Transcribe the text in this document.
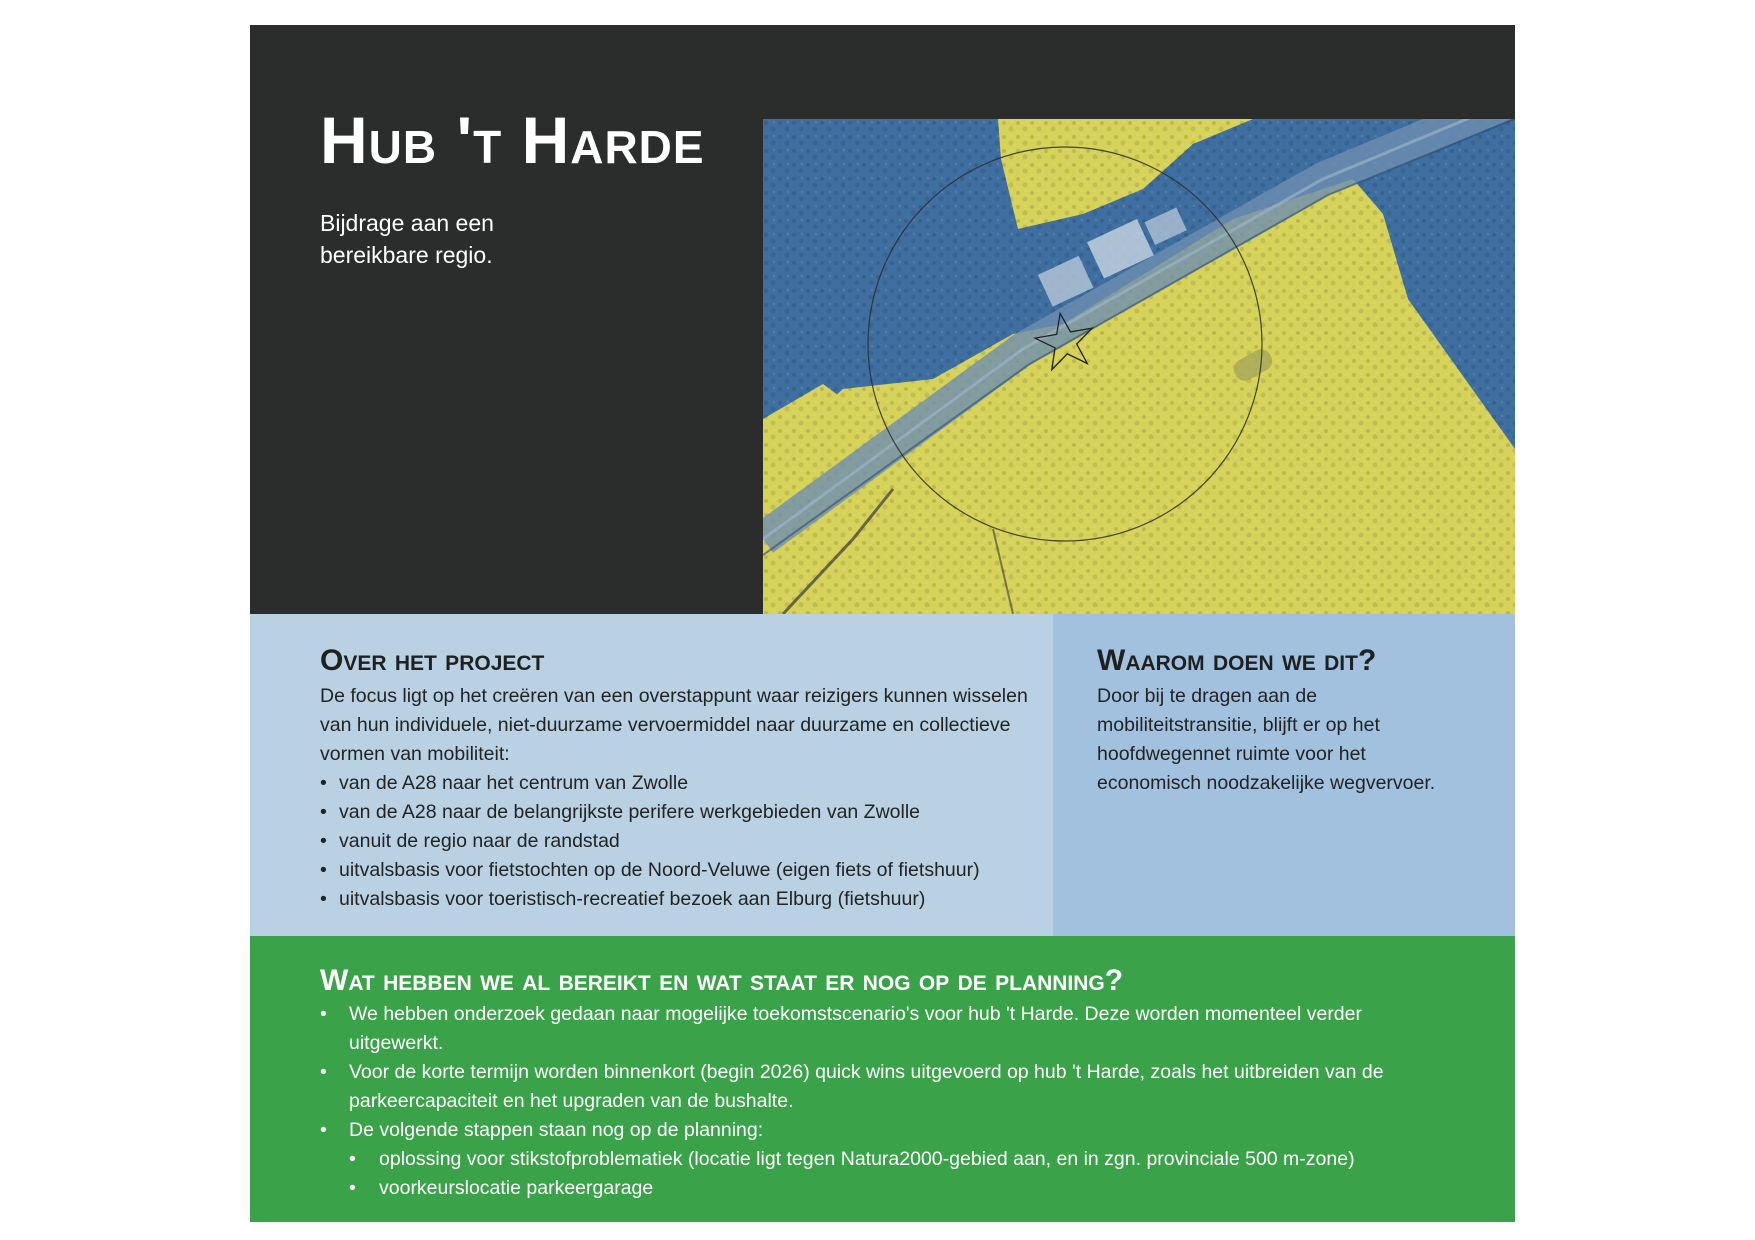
Hub 't Harde

Bijdrage aan een bereikbare regio.

Over het project

De focus ligt op het creëren van een overstappunt waar reizigers kunnen wisselen van hun individuele, niet-duurzame vervoermiddel naar duurzame en collectieve vormen van mobiliteit:

• van de A28 naar het centrum van Zwolle
• van de A28 naar de belangrijkste perifere werkgebieden van Zwolle
• vanuit de regio naar de randstad
• uitvalsbasis voor fietstochten op de Noord-Veluwe (eigen fiets of fietshuur)
• uitvalsbasis voor toeristisch-recreatief bezoek aan Elburg (fietshuur)
Waarom doen we dit?

Door bij te dragen aan de mobiliteitstransitie, blijft er op het hoofdwegennet ruimte voor het economisch noodzakelijke wegvervoer.

Wat hebben we al bereikt en wat staat er nog op de planning?
• We hebben onderzoek gedaan naar mogelijke toekomstscenario's voor hub 't Harde. Deze worden momenteel verder uitgewerkt.
• Voor de korte termijn worden binnenkort (begin 2026) quick wins uitgevoerd op hub 't Harde, zoals het uitbreiden van de parkeercapaciteit en het upgraden van de bushalte.
• De volgende stappen staan nog op de planning:
• oplossing voor stikstofproblematiek (locatie ligt tegen Natura2000-gebied aan, en in zgn. provinciale 500 m-zone)
• voorkeurslocatie parkeergarage
